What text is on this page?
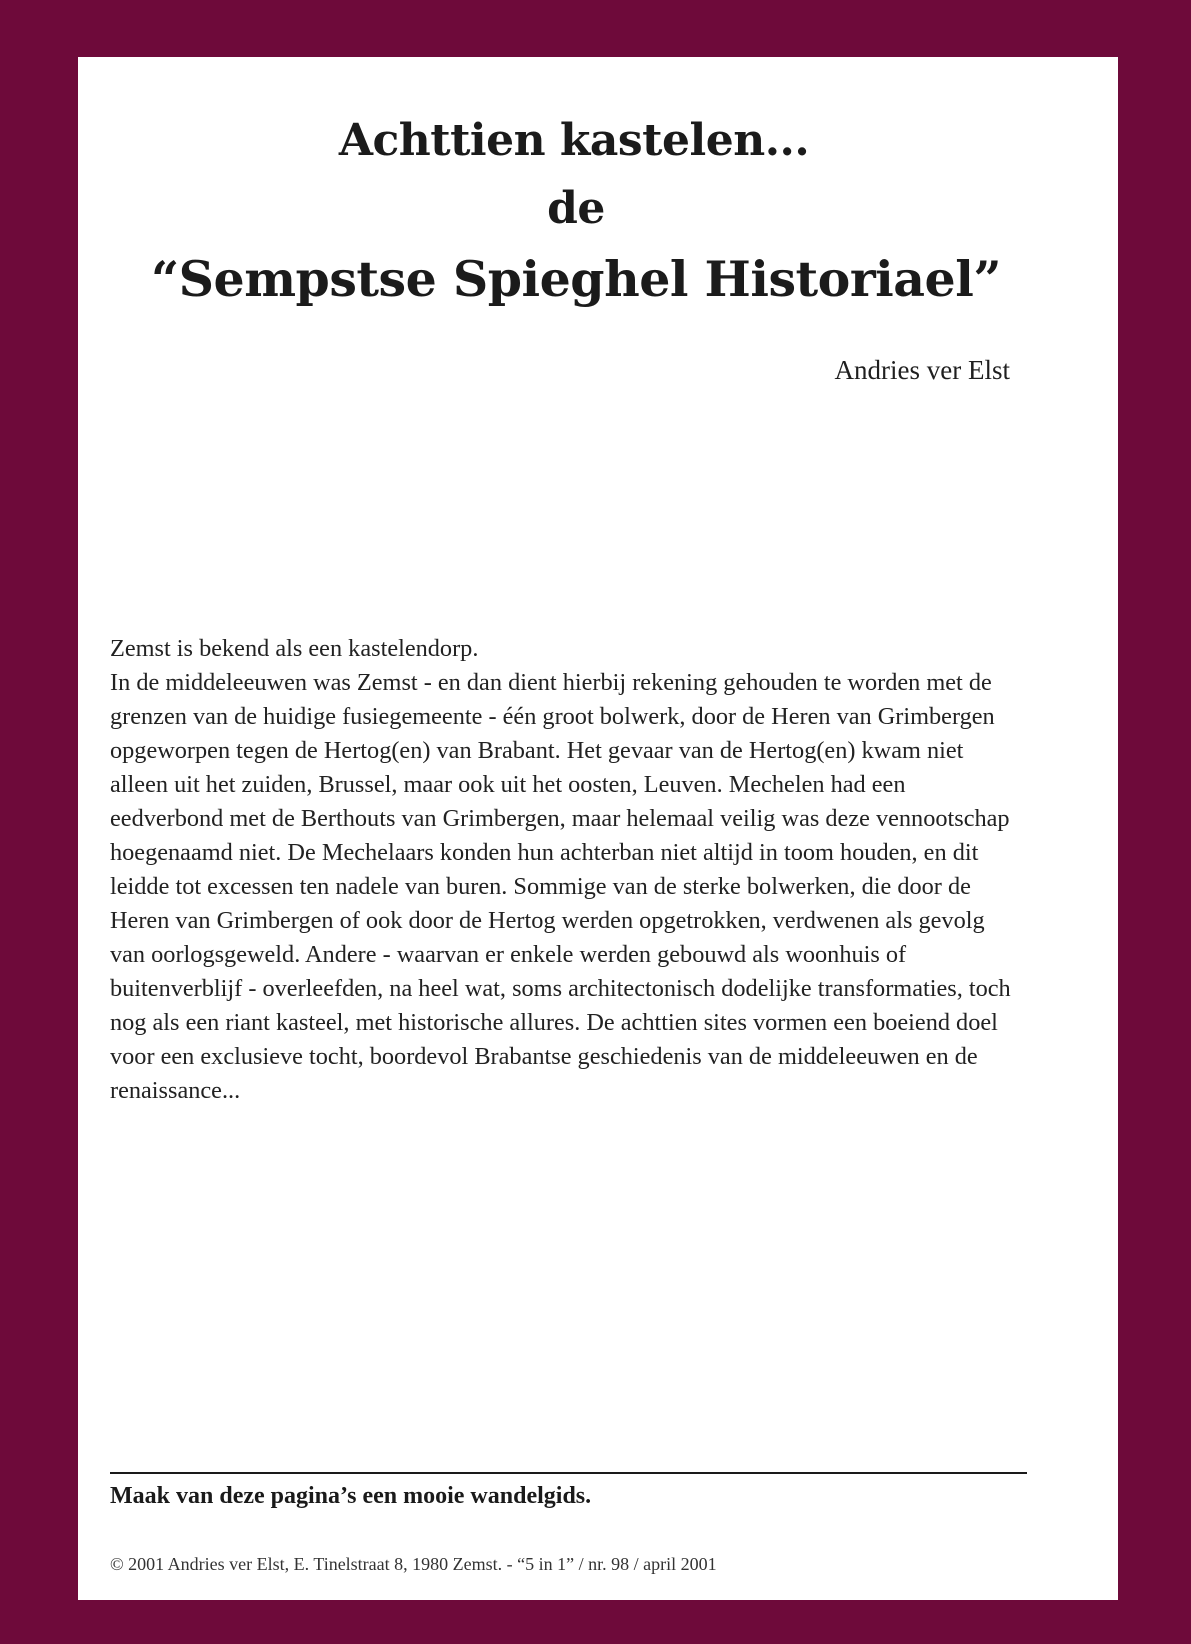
Achttien kastelen...
de
“Sempstse Spieghel Historiael”
Andries ver Elst

Zemst is bekend als een kastelendorp.

In de middeleeuwen was Zemst - en dan dient hierbij rekening gehouden te worden met de grenzen van de huidige fusiegemeente - één groot bolwerk, door de Heren van Grimbergen opgeworpen tegen de Hertog(en) van Brabant. Het gevaar van de Hertog(en) kwam niet alleen uit het zuiden, Brussel, maar ook uit het oosten, Leuven. Mechelen had een eedverbond met de Berthouts van Grimbergen, maar helemaal veilig was deze vennootschap hoegenaamd niet. De Mechelaars konden hun achterban niet altijd in toom houden, en dit leidde tot excessen ten nadele van buren. Sommige van de sterke bolwerken, die door de Heren van Grimbergen of ook door de Hertog werden opgetrokken, verdwenen als gevolg van oorlogsgeweld. Andere - waarvan er enkele werden gebouwd als woonhuis of buitenverblijf - overleefden, na heel wat, soms architectonisch dodelijke transformaties, toch nog als een riant kasteel, met historische allures. De achttien sites vormen een boeiend doel voor een exclusieve tocht, boordevol Brabantse geschiedenis van de middeleeuwen en de renaissance...

Maak van deze pagina’s een mooie wandelgids.
© 2001 Andries ver Elst, E. Tinelstraat 8, 1980 Zemst. - “5 in 1” / nr. 98 / april 2001
